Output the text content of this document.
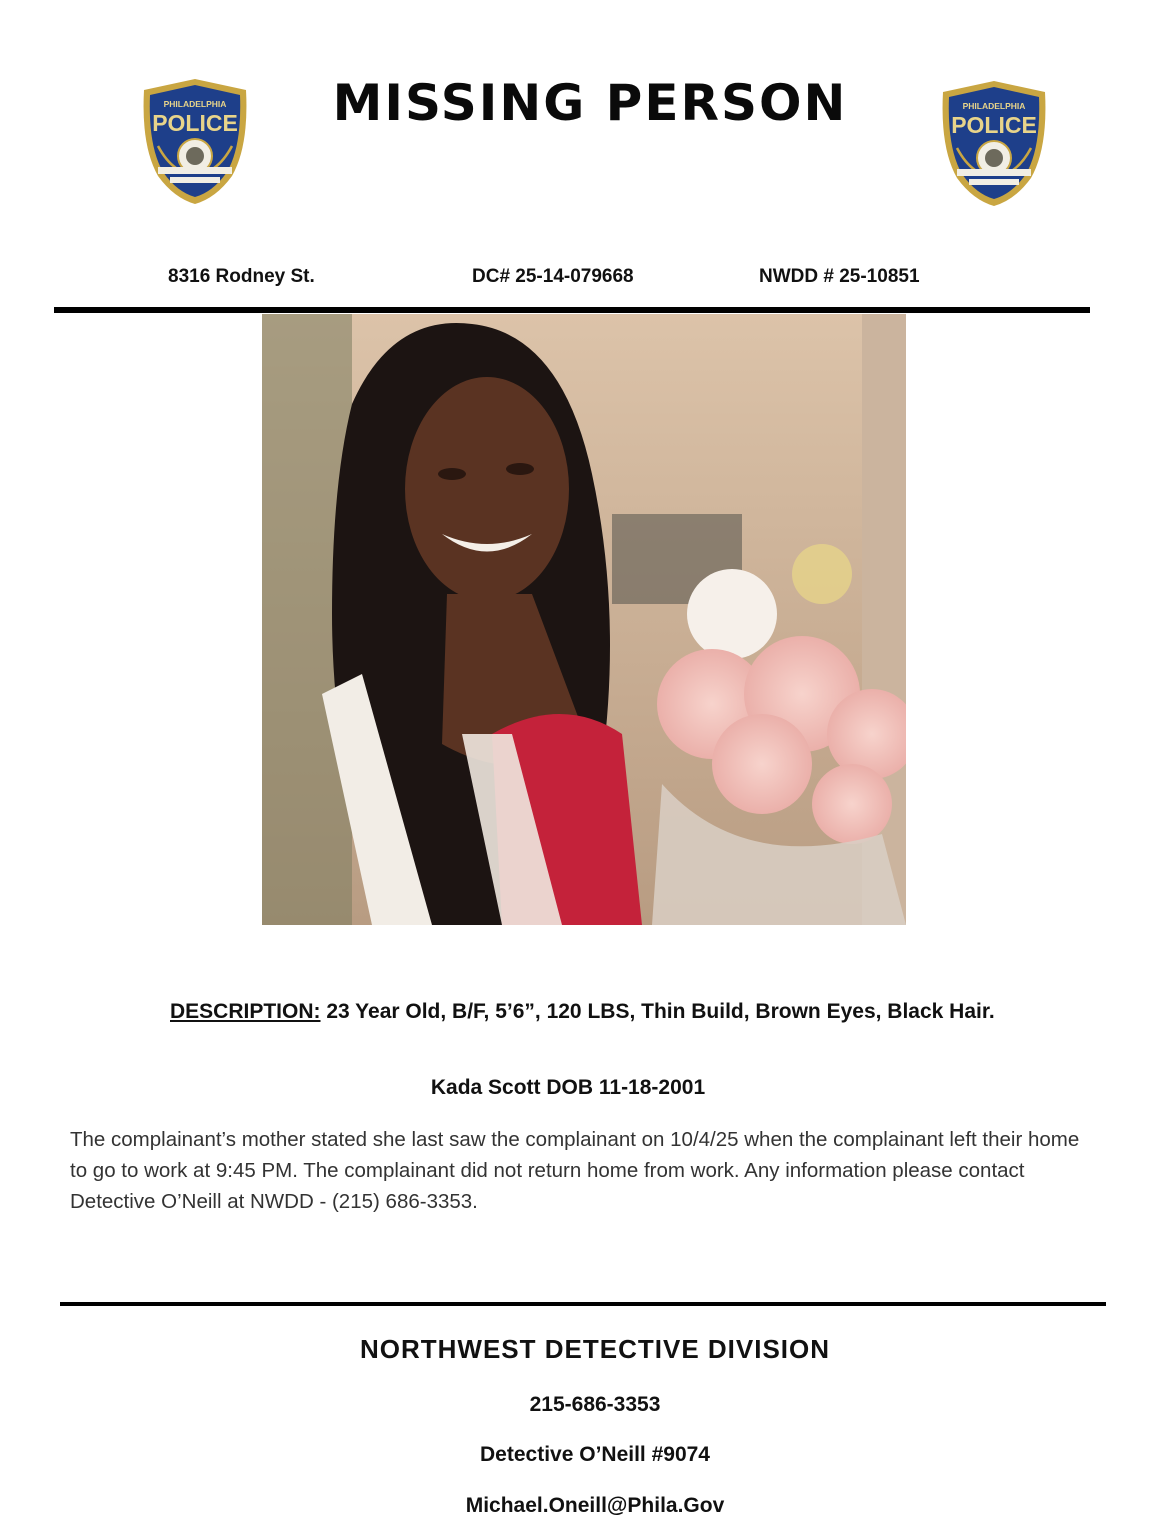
PHILADELPHIA
POLICE	MISSING PERSON	PHILADELPHIA
POLICE
8316 Rodney St.	DC# 25-14-079668	NWDD # 25-10851
DESCRIPTION: 23 Year Old, B/F, 5’6”, 120 LBS, Thin Build, Brown Eyes, Black Hair.
Kada Scott DOB 11-18-2001
The complainant’s mother stated she last saw the complainant on 10/4/25 when the complainant left their home to go to work at 9:45 PM. The complainant did not return home from work. Any information please contact Detective O’Neill at NWDD - (215) 686-3353.
NORTHWEST DETECTIVE DIVISION
215-686-3353
Detective O’Neill #9074
Michael.Oneill@Phila.Gov
